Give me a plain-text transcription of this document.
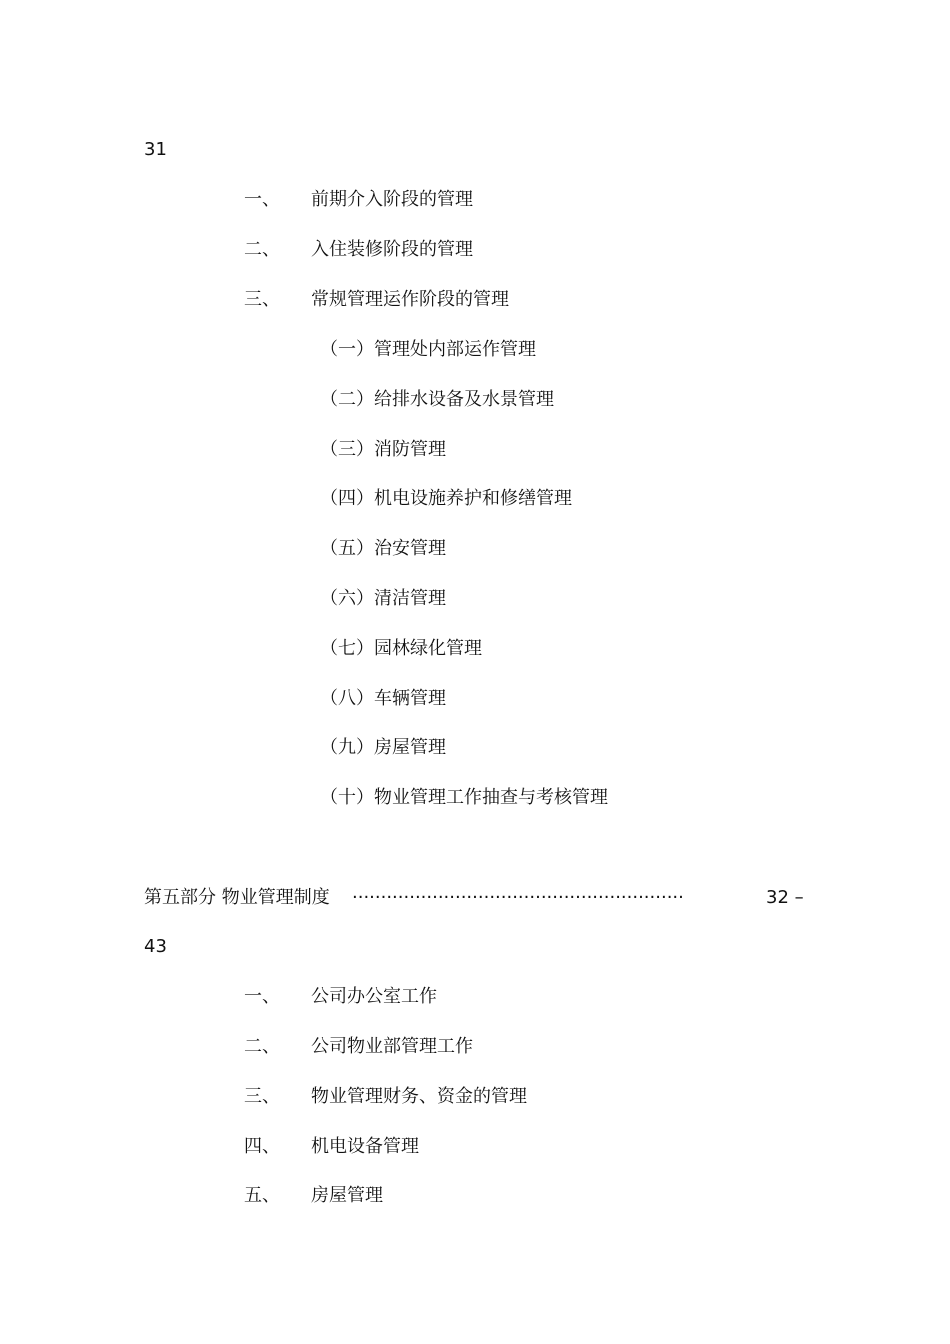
31
一、 前期介入阶段的管理
二、 入住装修阶段的管理
三、 常规管理运作阶段的管理
（一）管理处内部运作管理
（二）给排水设备及水景管理
（三）消防管理
（四）机电设施养护和修缮管理
（五）治安管理
（六）清洁管理
（七）园林绿化管理
（八）车辆管理
（九）房屋管理
（十）物业管理工作抽查与考核管理
第五部分 物业管理制度 ··························································	32 –
43
一、 公司办公室工作
二、 公司物业部管理工作
三、 物业管理财务、资金的管理
四、 机电设备管理
五、 房屋管理
